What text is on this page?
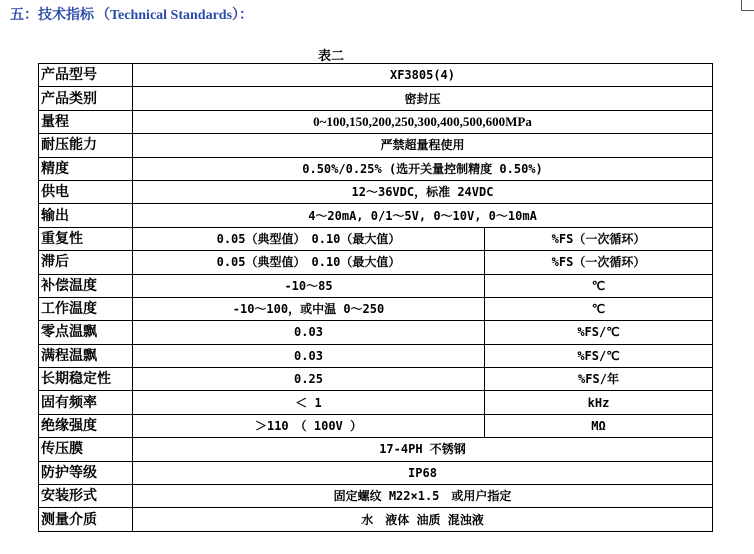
五：技术指标 （Technical Standards）：
表二
产品型号	XF3805(4)	
产品类别	密封压	
量程	0~100,150,200,250,300,400,500,600MPa	
耐压能力	严禁超量程使用	
精度	0.50%/0.25% (选开关量控制精度 0.50%)	
供电	12～36VDC，标准 24VDC	
输出	4～20mA, 0/1～5V, 0～10V, 0～10mA	
重复性	0.05（典型值）　0.10（最大值）	%FS（一次循环）
滞后	0.05（典型值）　0.10（最大值）	%FS（一次循环）
补偿温度	-10～85	℃
工作温度	-10～100，或中温 0～250	℃
零点温飘	0.03	%FS/℃
满程温飘	0.03	%FS/℃
长期稳定性	0.25	%FS/年
固有频率	＜ 1	kHz
绝缘强度	＞110　（ 100V ）	MΩ
传压膜	17-4PH 不锈钢	
防护等级	IP68	
安装形式	固定螺纹 M22×1.5　或用户指定	
测量介质	水　液体 油质 混浊液	
